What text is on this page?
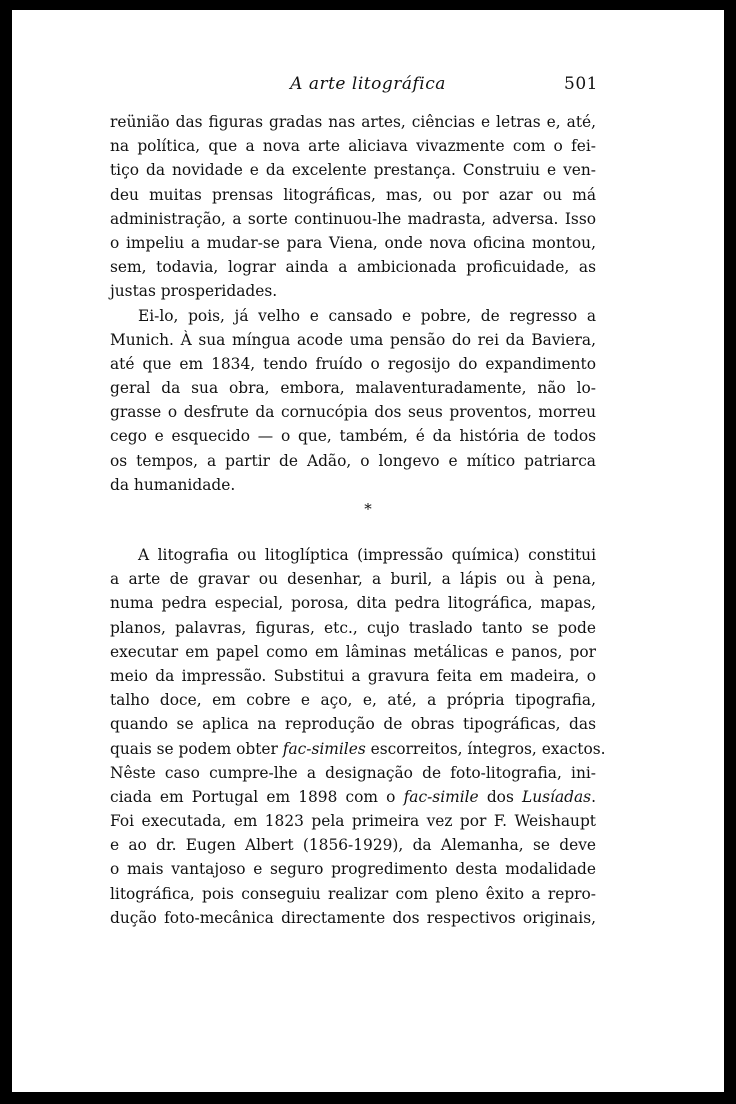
A arte litográfica	501
reünião das figuras gradas nas artes, ciências e letras e, até,
na política, que a nova arte aliciava vivazmente com o fei-
tiço da novidade e da excelente prestança. Construiu e ven-
deu muitas prensas litográficas, mas, ou por azar ou má
administração, a sorte continuou-lhe madrasta, adversa. Isso
o impeliu a mudar-se para Viena, onde nova oficina montou,
sem, todavia, lograr ainda a ambicionada proficuidade, as
justas prosperidades.
Ei-lo, pois, já velho e cansado e pobre, de regresso a
Munich. À sua míngua acode uma pensão do rei da Baviera,
até que em 1834, tendo fruído o regosijo do expandimento
geral da sua obra, embora, malaventuradamente, não lo-
grasse o desfrute da cornucópia dos seus proventos, morreu
cego e esquecido — o que, também, é da história de todos
os tempos, a partir de Adão, o longevo e mítico patriarca
da humanidade.
*
A litografia ou litoglíptica (impressão química) constitui
a arte de gravar ou desenhar, a buril, a lápis ou à pena,
numa pedra especial, porosa, dita pedra litográfica, mapas,
planos, palavras, figuras, etc., cujo traslado tanto se pode
executar em papel como em lâminas metálicas e panos, por
meio da impressão. Substitui a gravura feita em madeira, o
talho doce, em cobre e aço, e, até, a própria tipografia,
quando se aplica na reprodução de obras tipográficas, das
quais se podem obter fac-similes escorreitos, íntegros, exactos.
Nêste caso cumpre-lhe a designação de foto-litografia, ini-
ciada em Portugal em 1898 com o fac-simile dos Lusíadas.
Foi executada, em 1823 pela primeira vez por F. Weishaupt
e ao dr. Eugen Albert (1856-1929), da Alemanha, se deve
o mais vantajoso e seguro progredimento desta modalidade
litográfica, pois conseguiu realizar com pleno êxito a repro-
dução foto-mecânica directamente dos respectivos originais,
